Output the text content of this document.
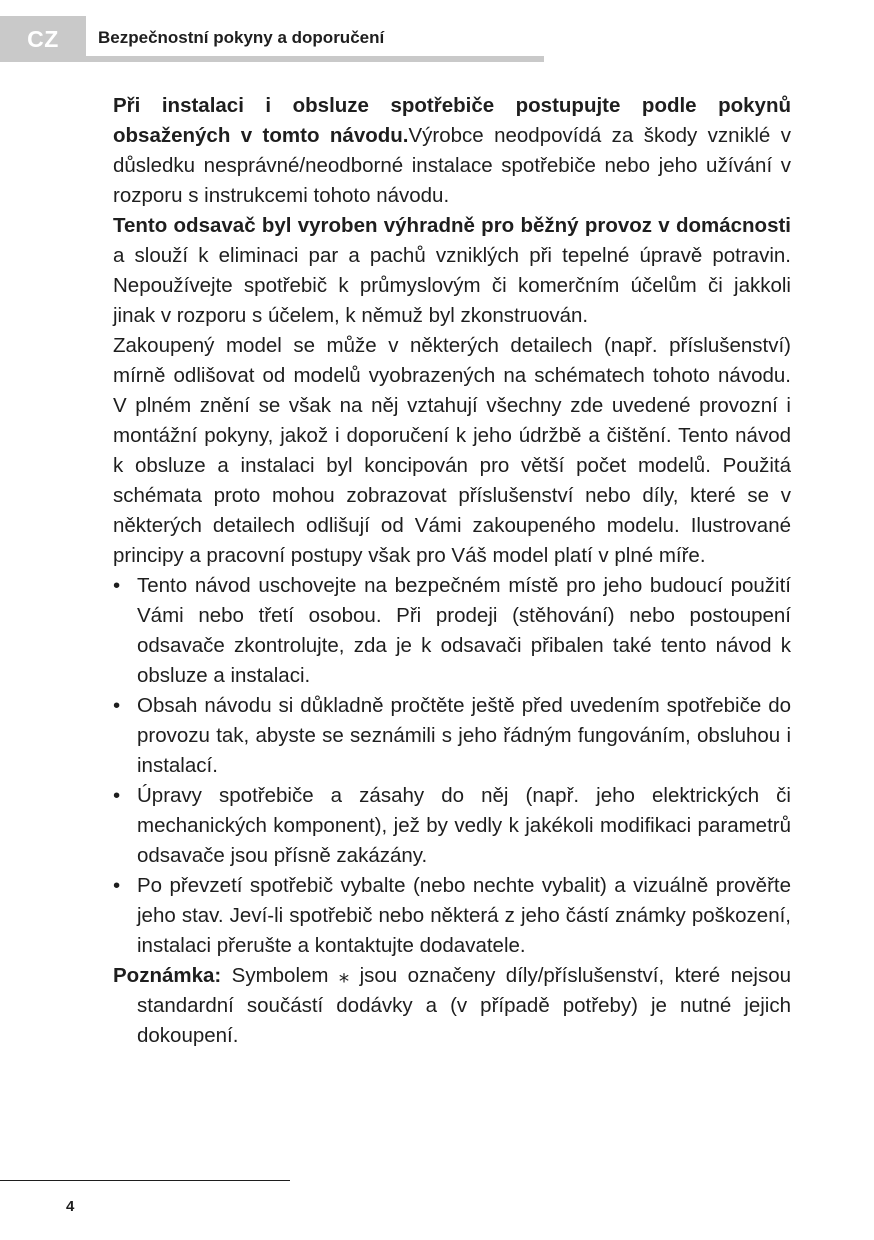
CZ	Bezpečnostní pokyny a doporučení

Při instalaci i obsluze spotřebiče postupujte podle pokynů obsažených v tomto návodu.Výrobce neodpovídá za škody vzniklé v důsledku nesprávné/neodborné instalace spotřebiče nebo jeho užívání v rozporu s instrukcemi tohoto návodu.

Tento odsavač byl vyroben výhradně pro běžný provoz v domácnosti a slouží k eliminaci par a pachů vzniklých při tepelné úpravě potravin. Nepoužívejte spotřebič k průmyslovým či komerčním účelům či jakkoli jinak v rozporu s účelem, k němuž byl zkonstruován.

Zakoupený model se může v některých detailech (např. příslušenství) mírně odlišovat od modelů vyobrazených na schématech tohoto návodu. V plném znění se však na něj vztahují všechny zde uvedené provozní i montážní pokyny, jakož i doporučení k jeho údržbě a čištění. Tento návod k obsluze a instalaci byl koncipován pro větší počet modelů. Použitá schémata proto mohou zobrazovat příslušenství nebo díly, které se v některých detailech odlišují od Vámi zakoupeného modelu. Ilustrované principy a pracovní postupy však pro Váš model platí v plné míře.

• Tento návod uschovejte na bezpečném místě pro jeho budoucí použití Vámi nebo třetí osobou. Při prodeji (stěhování) nebo postoupení odsavače zkontrolujte, zda je k odsavači přibalen také tento návod k obsluze a instalaci.
• Obsah návodu si důkladně pročtěte ještě před uvedením spotřebiče do provozu tak, abyste se seznámili s jeho řádným fungováním, obsluhou i instalací.
• Úpravy spotřebiče a zásahy do něj (např. jeho elektrických či mechanických komponent), jež by vedly k jakékoli modifikaci parametrů odsavače jsou přísně zakázány.
• Po převzetí spotřebič vybalte (nebo nechte vybalit) a vizuálně prověřte jeho stav. Jeví-li spotřebič nebo některá z jeho částí známky poškození, instalaci přerušte a kontaktujte dodavatele.

Poznámka: Symbolem ⁎ jsou označeny díly/příslušenství, které nejsou standardní součástí dodávky a (v případě potřeby) je nutné jejich dokoupení.

4
